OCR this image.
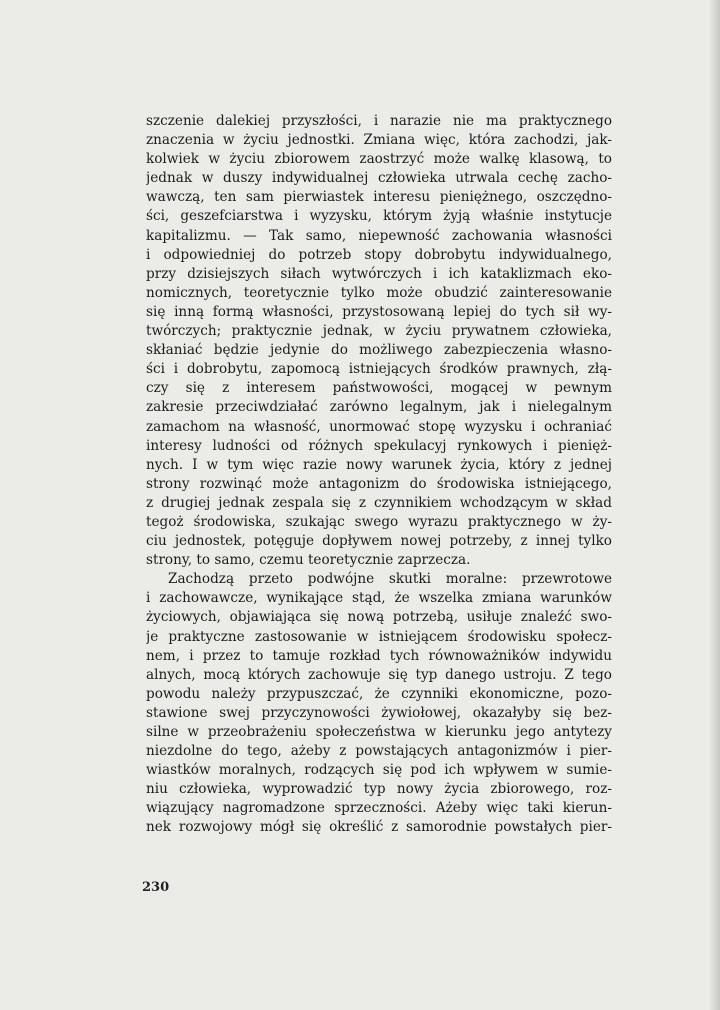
szczenie dalekiej przyszłości, i narazie nie ma praktycznego
znaczenia w życiu jednostki. Zmiana więc, która zachodzi, jak-
kolwiek w życiu zbiorowem zaostrzyć może walkę klasową, to
jednak w duszy indywidualnej człowieka utrwala cechę zacho-
wawczą, ten sam pierwiastek interesu pieniężnego, oszczędno-
ści, geszefciarstwa i wyzysku, którym żyją właśnie instytucje
kapitalizmu. — Tak samo, niepewność zachowania własności
i odpowiedniej do potrzeb stopy dobrobytu indywidualnego,
przy dzisiejszych siłach wytwórczych i ich kataklizmach eko-
nomicznych, teoretycznie tylko może obudzić zainteresowanie
się inną formą własności, przystosowaną lepiej do tych sił wy-
twórczych; praktycznie jednak, w życiu prywatnem człowieka,
skłaniać będzie jedynie do możliwego zabezpieczenia własno-
ści i dobrobytu, zapomocą istniejących środków prawnych, złą-
czy się z interesem państwowości, mogącej w pewnym
zakresie przeciwdziałać zarówno legalnym, jak i nielegalnym
zamachom na własność, unormować stopę wyzysku i ochraniać
interesy ludności od różnych spekulacyj rynkowych i pienięż-
nych. I w tym więc razie nowy warunek życia, który z jednej
strony rozwinąć może antagonizm do środowiska istniejącego,
z drugiej jednak zespala się z czynnikiem wchodzącym w skład
tegoż środowiska, szukając swego wyrazu praktycznego w ży-
ciu jednostek, potęguje dopływem nowej potrzeby, z innej tylko
strony, to samo, czemu teoretycznie zaprzecza.
Zachodzą przeto podwójne skutki moralne: przewrotowe
i zachowawcze, wynikające stąd, że wszelka zmiana warunków
życiowych, objawiająca się nową potrzebą, usiłuje znaleźć swo-
je praktyczne zastosowanie w istniejącem środowisku społecz-
nem, i przez to tamuje rozkład tych równoważników indywidu
alnych, mocą których zachowuje się typ danego ustroju. Z tego
powodu należy przypuszczać, że czynniki ekonomiczne, pozo-
stawione swej przyczynowości żywiołowej, okazałyby się bez-
silne w przeobrażeniu społeczeństwa w kierunku jego antytezy
niezdolne do tego, ażeby z powstających antagonizmów i pier-
wiastków moralnych, rodzących się pod ich wpływem w sumie-
niu człowieka, wyprowadzić typ nowy życia zbiorowego, roz-
wiązujący nagromadzone sprzeczności. Ażeby więc taki kierun-
nek rozwojowy mógł się określić z samorodnie powstałych pier-
230
